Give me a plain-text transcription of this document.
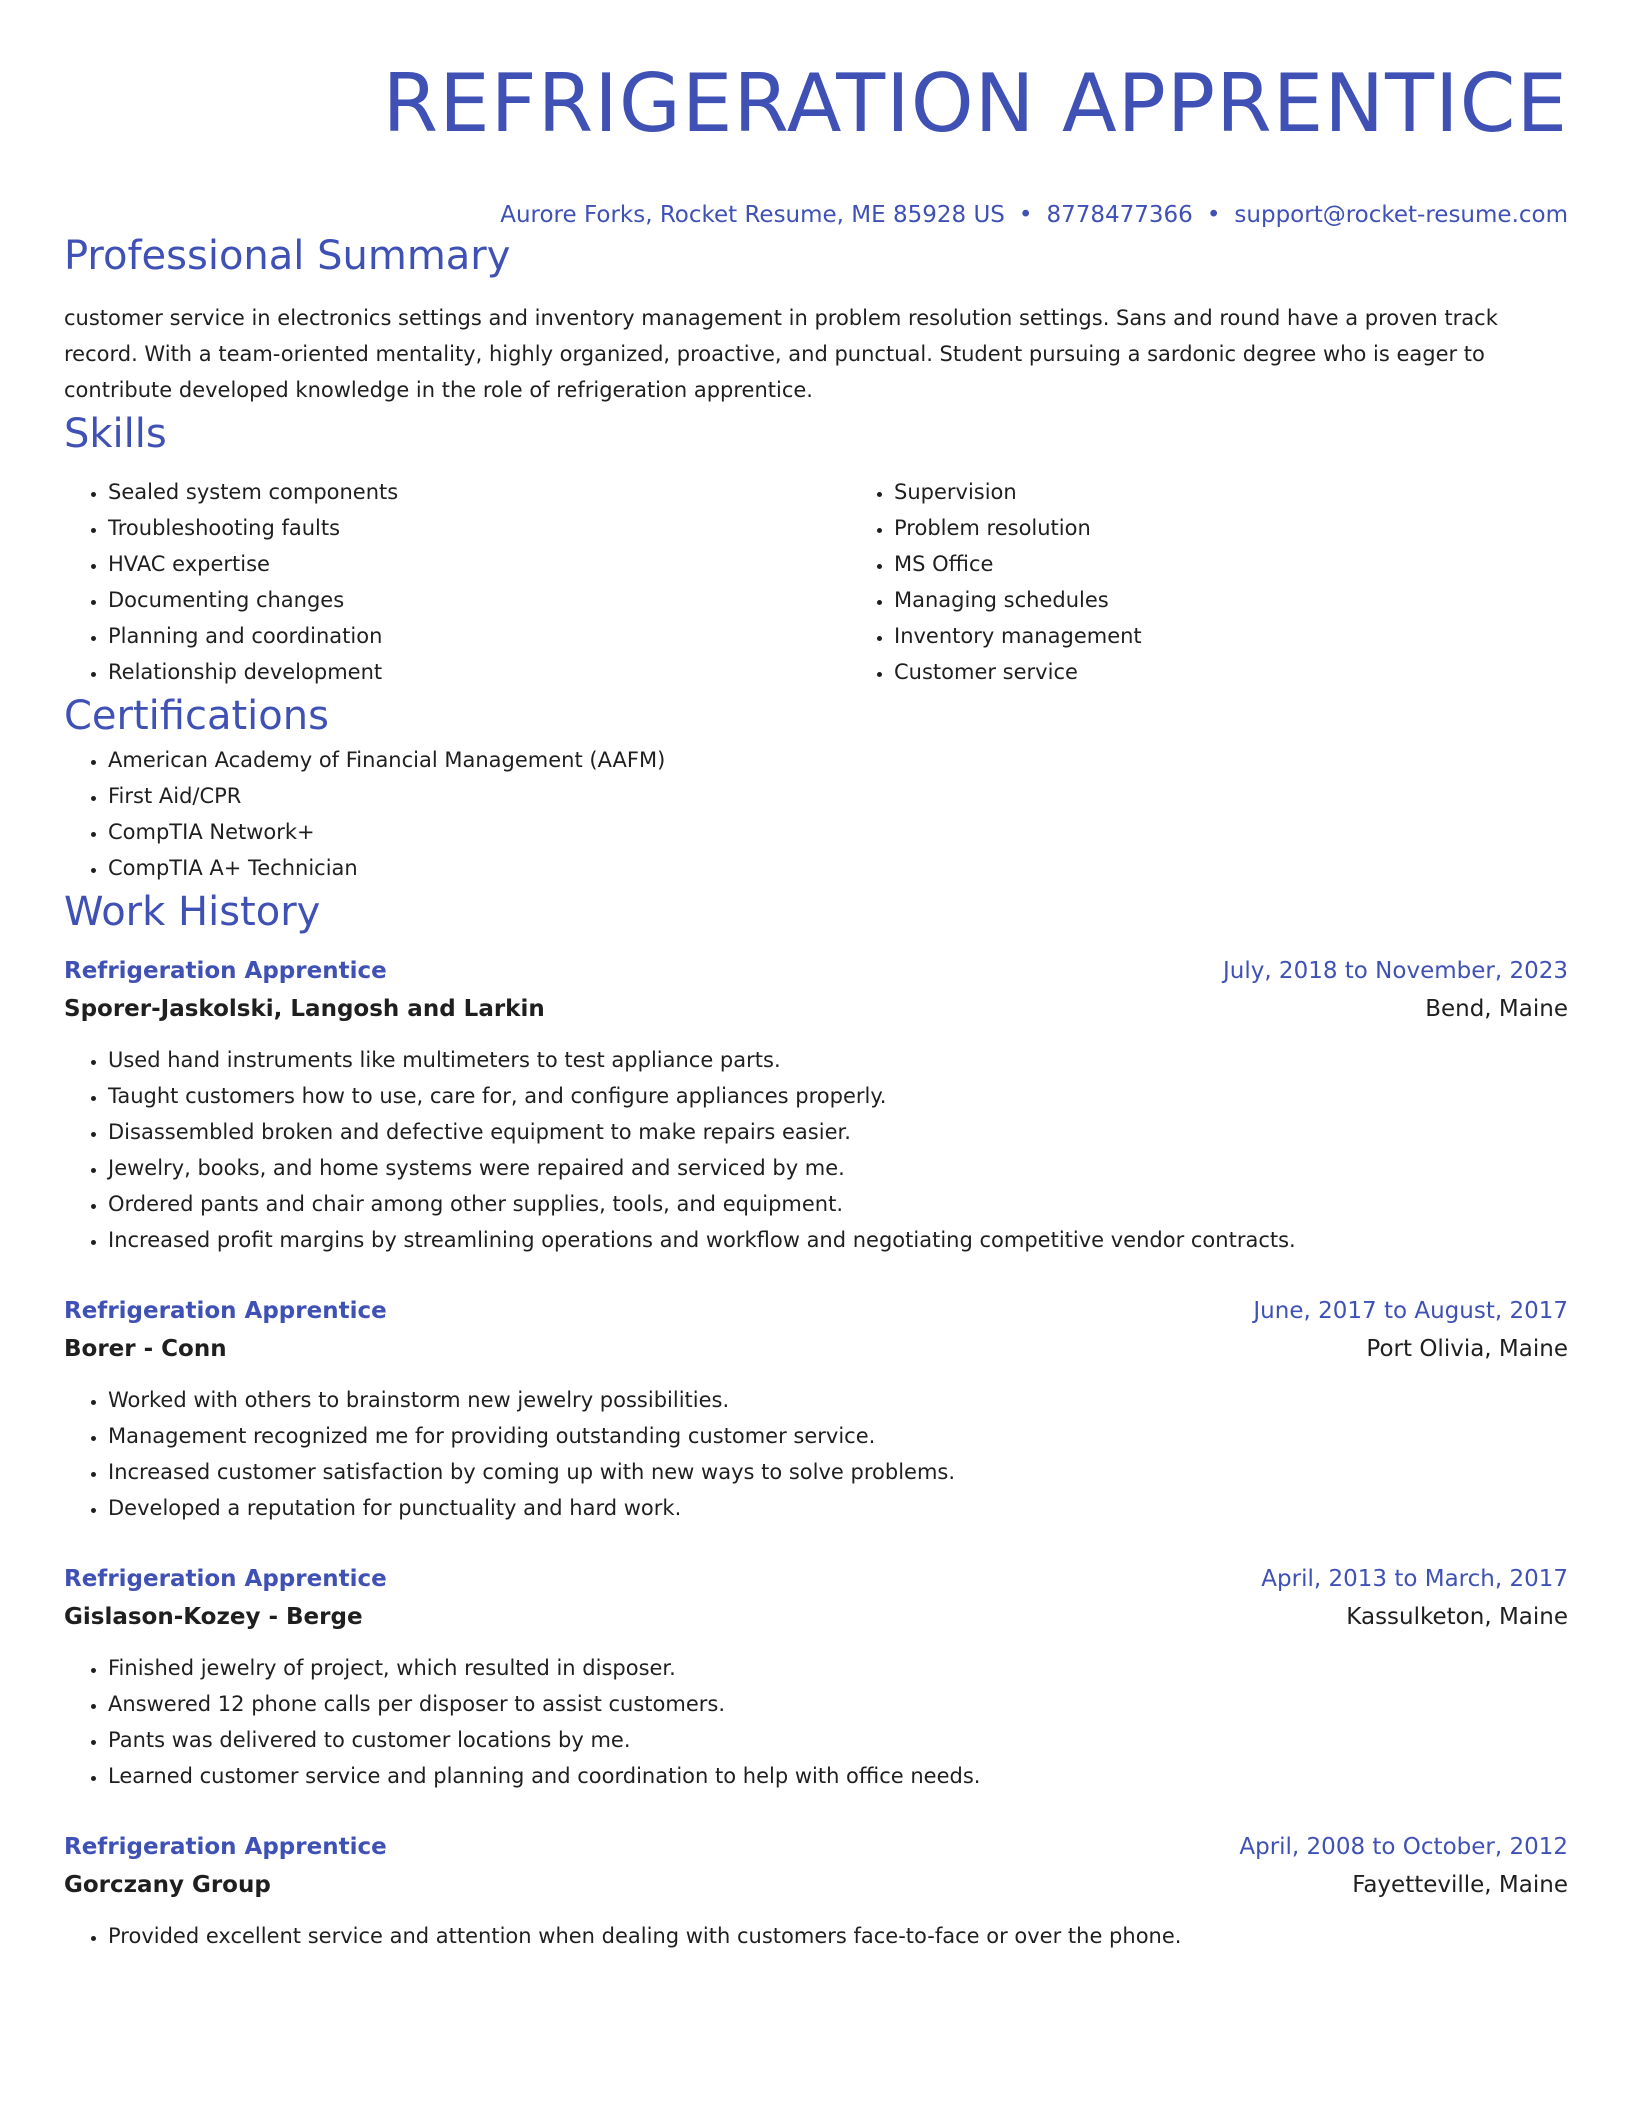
REFRIGERATION APPRENTICE
Aurore Forks, Rocket Resume, ME 85928 US • 8778477366 • support@rocket-resume.com
Professional Summary

customer service in electronics settings and inventory management in problem resolution settings. Sans and round have a proven track record. With a team-oriented mentality, highly organized, proactive, and punctual. Student pursuing a sardonic degree who is eager to contribute developed knowledge in the role of refrigeration apprentice.

Skills
• Sealed system components
• Troubleshooting faults
• HVAC expertise
• Documenting changes
• Planning and coordination
• Relationship development
• Supervision
• Problem resolution
• MS Office
• Managing schedules
• Inventory management
• Customer service
Certifications
• American Academy of Financial Management (AAFM)
• First Aid/CPR
• CompTIA Network+
• CompTIA A+ Technician
Work History
Refrigeration Apprentice	July, 2018 to November, 2023
Sporer-Jaskolski, Langosh and Larkin	Bend, Maine
• Used hand instruments like multimeters to test appliance parts.
• Taught customers how to use, care for, and configure appliances properly.
• Disassembled broken and defective equipment to make repairs easier.
• Jewelry, books, and home systems were repaired and serviced by me.
• Ordered pants and chair among other supplies, tools, and equipment.
• Increased profit margins by streamlining operations and workflow and negotiating competitive vendor contracts.
Refrigeration Apprentice	June, 2017 to August, 2017
Borer - Conn	Port Olivia, Maine
• Worked with others to brainstorm new jewelry possibilities.
• Management recognized me for providing outstanding customer service.
• Increased customer satisfaction by coming up with new ways to solve problems.
• Developed a reputation for punctuality and hard work.
Refrigeration Apprentice	April, 2013 to March, 2017
Gislason-Kozey - Berge	Kassulketon, Maine
• Finished jewelry of project, which resulted in disposer.
• Answered 12 phone calls per disposer to assist customers.
• Pants was delivered to customer locations by me.
• Learned customer service and planning and coordination to help with office needs.
Refrigeration Apprentice	April, 2008 to October, 2012
Gorczany Group	Fayetteville, Maine
• Provided excellent service and attention when dealing with customers face-to-face or over the phone.
